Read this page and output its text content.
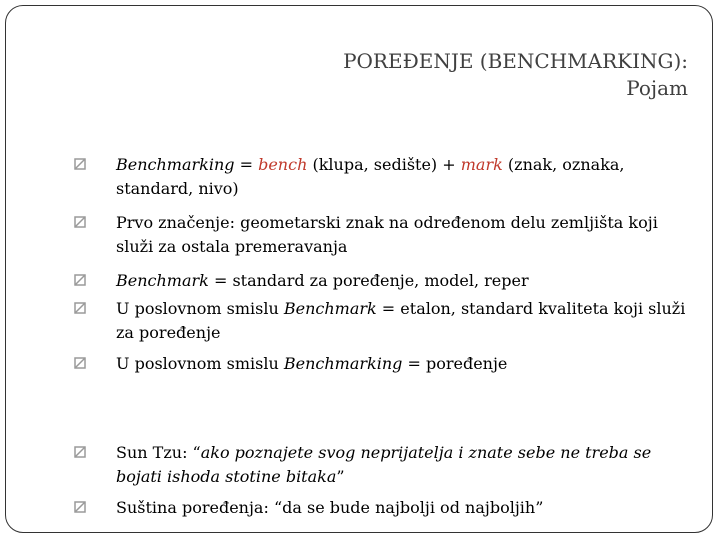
POREĐENJE (BENCHMARKING):
Pojam
Benchmarking = bench (klupa, sedište) + mark (znak, oznaka, standard, nivo)
Prvo značenje: geometarski znak na određenom delu zemljišta koji služi za ostala premeravanja
Benchmark = standard za poređenje, model, reper
U poslovnom smislu Benchmark = etalon, standard kvaliteta koji služi za poređenje
U poslovnom smislu Benchmarking = poređenje
Sun Tzu: “ako poznajete svog neprijatelja i znate sebe ne treba se bojati ishoda stotine bitaka”
Suština poređenja: “da se bude najbolji od najboljih”
